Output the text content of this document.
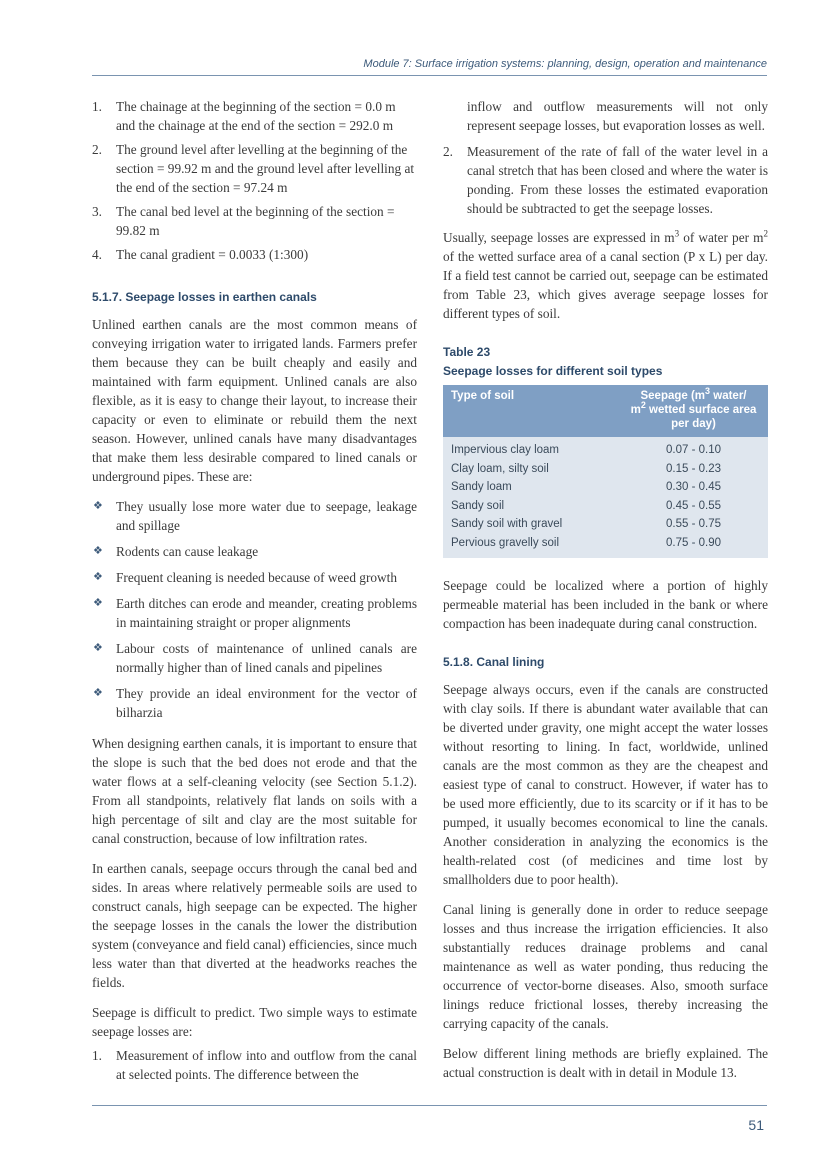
Module 7: Surface irrigation systems: planning, design, operation and maintenance
1. The chainage at the beginning of the section = 0.0 m and the chainage at the end of the section = 292.0 m
2. The ground level after levelling at the beginning of the section = 99.92 m and the ground level after levelling at the end of the section = 97.24 m
3. The canal bed level at the beginning of the section = 99.82 m
4. The canal gradient = 0.0033 (1:300)
5.1.7. Seepage losses in earthen canals

Unlined earthen canals are the most common means of conveying irrigation water to irrigated lands. Farmers prefer them because they can be built cheaply and easily and maintained with farm equipment. Unlined canals are also flexible, as it is easy to change their layout, to increase their capacity or even to eliminate or rebuild them the next season. However, unlined canals have many disadvantages that make them less desirable compared to lined canals or underground pipes. These are:

❖ They usually lose more water due to seepage, leakage and spillage
❖ Rodents can cause leakage
❖ Frequent cleaning is needed because of weed growth
❖ Earth ditches can erode and meander, creating problems in maintaining straight or proper alignments
❖ Labour costs of maintenance of unlined canals are normally higher than of lined canals and pipelines
❖ They provide an ideal environment for the vector of bilharzia

When designing earthen canals, it is important to ensure that the slope is such that the bed does not erode and that the water flows at a self-cleaning velocity (see Section 5.1.2). From all standpoints, relatively flat lands on soils with a high percentage of silt and clay are the most suitable for canal construction, because of low infiltration rates.

In earthen canals, seepage occurs through the canal bed and sides. In areas where relatively permeable soils are used to construct canals, high seepage can be expected. The higher the seepage losses in the canals the lower the distribution system (conveyance and field canal) efficiencies, since much less water than that diverted at the headworks reaches the fields.

Seepage is difficult to predict. Two simple ways to estimate seepage losses are:

1. Measurement of inflow into and outflow from the canal at selected points. The difference between the
inflow and outflow measurements will not only represent seepage losses, but evaporation losses as well.
2. Measurement of the rate of fall of the water level in a canal stretch that has been closed and where the water is ponding. From these losses the estimated evaporation should be subtracted to get the seepage losses.

Usually, seepage losses are expressed in $m^3$ of water per $m^2$ of the wetted surface area of a canal section (P x L) per day. If a field test cannot be carried out, seepage can be estimated from Table 23, which gives average seepage losses for different types of soil.

Table 23
Seepage losses for different soil types
Type of soil	Seepage ($m^3$ water/
$m^2$ wetted surface area per day)
Impervious clay loam	0.07 - 0.10
Clay loam, silty soil	0.15 - 0.23
Sandy loam	0.30 - 0.45
Sandy soil	0.45 - 0.55
Sandy soil with gravel	0.55 - 0.75
Pervious gravelly soil	0.75 - 0.90

Seepage could be localized where a portion of highly permeable material has been included in the bank or where compaction has been inadequate during canal construction.

5.1.8. Canal lining

Seepage always occurs, even if the canals are constructed with clay soils. If there is abundant water available that can be diverted under gravity, one might accept the water losses without resorting to lining. In fact, worldwide, unlined canals are the most common as they are the cheapest and easiest type of canal to construct. However, if water has to be used more efficiently, due to its scarcity or if it has to be pumped, it usually becomes economical to line the canals. Another consideration in analyzing the economics is the health-related cost (of medicines and time lost by smallholders due to poor health).

Canal lining is generally done in order to reduce seepage losses and thus increase the irrigation efficiencies. It also substantially reduces drainage problems and canal maintenance as well as water ponding, thus reducing the occurrence of vector-borne diseases. Also, smooth surface linings reduce frictional losses, thereby increasing the carrying capacity of the canals.

Below different lining methods are briefly explained. The actual construction is dealt with in detail in Module 13.

51
